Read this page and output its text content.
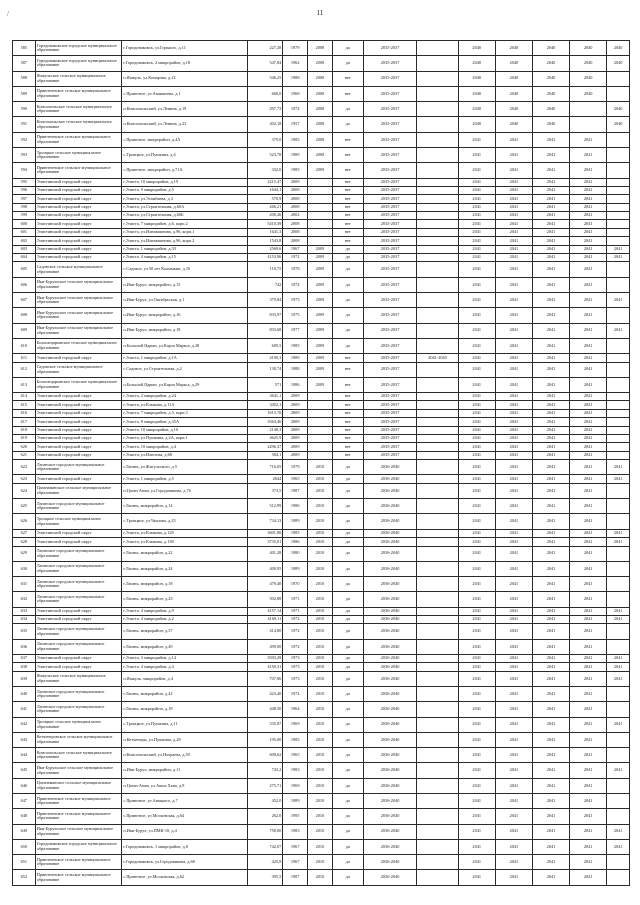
/	11
585	Городовиковское городское муниципальное образование	г.Городовиковск, ул.Горького, д.11	227,28	1979	2008	да	2035-2037		2040	2040	2040	2040	2040
587	Городовиковское городское муниципальное образование	г.Городовиковск, 2 микрорайон, д.18	547,84	1962	2008	да	2035-2037		2040	2040	2040	2040	2040
588	Яшкульское сельское муниципальное образование	п.Яшкуль, ул.Комарова, д.12	546,25	1988	2008	нет	2035-2037		2040	2040	2040	2040	
589	Приютненское сельское муниципальное образование	с.Приютное, ул.Апакшеева, д.1	660,0	1968	2008	нет	2035-2037		2040	2040	2040	2040	
590	Комсомольское сельское муниципальное образование	п.Комсомольский, ул.Ленина, д.19	297,73	1974	2008	да	2035-2037		2040	2040	2040		2040
591	Комсомольское сельское муниципальное образование	п.Комсомольский, ул.Ленина, д.23	402,18	1957	2008	да	2035-2037		2040	2040	2040		2040
592	Приютненское сельское муниципальное образование	с.Приютное, микрорайон, д.4А	379,0	1985	2008	нет	2035-2037		2041	2041	2041	2041	
593	Троицкое сельское муниципальное образование	с.Троицкое, ул.Пушкина, д.4	523,78	1989	2008	нет	2035-2037		2041	2041	2041	2041	
594	Приютненское сельское муниципальное образование	с.Приютное, микрорайон, д.71А	332,0	1985	2009	нет	2035-2037		2041	2041	2041	2041	
595	Элистинский городской округ	г.Элиста, 10 микрорайон, д.19	2215,47	2009		нет	2035-2037		2041	2041	2041	2041	
596	Элистинский городской округ	г.Элиста, 9 микрорайон, д.5	1644,1	2008		нет	2035-2037		2041	2041	2041	2041	
597	Элистинский городской округ	г.Элиста, ул.Эсамбаева, д.3	570,9	2008		нет	2035-2037		2041	2041	2041	2041	
598	Элистинский городской округ	г.Элиста, ул.Строительная, д.60А	266,21	2008		нет	2035-2037		2041	2041	2041	2041	
599	Элистинский городской округ	г.Элиста, ул.Строительная, д.60Б	208,46	2002		нет	2035-2037		2041	2041	2041	2041	
600	Элистинский городской округ	г.Элиста, 7 микрорайон, д.6, корп.2	5410,39	2008		нет	2035-2037		2041	2041	2041	2041	
601	Элистинский городской округ	г.Элиста, ул.Илюмжинова, д.96, корп.1	1641,3	2008		нет	2035-2037		2041	2041	2041	2041	
602	Элистинский городской округ	г.Элиста, ул.Илюмжинова, д.96, корп.2	1543,8	2008		нет	2035-2037		2041	2041	2041	2041	
603	Элистинский городской округ	г.Элиста, 1 микрорайон, д.33	2569,6	1967	2009	да	2035-2037		2041	2041	2041	2041	2041
604	Элистинский городской округ	г.Элиста, 4 микрорайон, д.15	4153,96	1972	2009	да	2035-2037		2041	2041	2041	2041	2041
605	Садовское сельское муниципальное образование	с.Садовое, ул.50 лет Калмыкии, д.16	116,75	1978	2009	да	2035-2037		2041	2041	2041	2041	
606	Ики-Бурульское сельское муниципальное образование	п.Ики-Бурул, микрорайон, д.15	742	1974	2009	да	2035-2037		2041	2041	2041	2041	
607	Ики-Бурульское сельское муниципальное образование	п.Ики-Бурул, ул.Октябрьская, д.1	379,84	1975	2009	да	2035-2037		2041	2041	2041	2041	2041
608	Ики-Бурульское сельское муниципальное образование	п.Ики-Бурул, микрорайон, д.16	833,97	1975	2009	да	2035-2037		2041	2041	2041	2041	
609	Ики-Бурульское сельское муниципальное образование	п.Ики-Бурул, микрорайон, д.18	833,68	1977	2009	да	2035-2037		2041	2041	2041	2041	2041
610	Большецарынское сельское муниципальное образование	п.Большой Царын, ул.Карла Маркса, д.28	609,5	1985	2009	да	2035-2037		2041	2041	2041	2041	
611	Элистинский городской округ	г.Элиста, 1 микрорайон, д.1А	4190,3	1989	2009	нет	2035-2037	2041-2045	2041	2041	2041	2041	
612	Садовское сельское муниципальное образование	с.Садовое, ул.Строительная, д.2	130,74	1988	2009	нет	2035-2037		2041	2041	2041	2041	
613	Большецарынское сельское муниципальное образование	п.Большой Царын, ул.Карла Маркса, д.29	571	1986	2009	нет	2035-2037		2041	2041	2041	2041	
614	Элистинский городской округ	г.Элиста, 2 микрорайон, д.24	3641,1	2009		нет	2035-2037		2041	2041	2041	2041	
615	Элистинский городской округ	г.Элиста, ул.Клыкова, д.11А	3452,1	2009		нет	2035-2037		2041	2041	2041	2041	
616	Элистинский городской округ	г.Элиста, 7 микрорайон, д.5, корп.3	1613,76	2009		нет	2035-2037		2041	2041	2041	2041	
617	Элистинский городской округ	г.Элиста, 8 микрорайон, д.35А	3564,46	2009		нет	2035-2037		2041	2041	2041	2041	
618	Элистинский городской округ	г.Элиста, 10 микрорайон, д.16	2148,3	2009		нет	2035-2037		2041	2041	2041	2041	
619	Элистинский городской округ	г.Элиста, ул.Пушкина, д.2А, корп.1	4625,9	2009		нет	2035-2037		2041	2041	2041	2041	
620	Элистинский городской округ	г.Элиста, 10 микрорайон, д.4	2296,37	2009		нет	2035-2037		2041	2041	2041	2041	
621	Элистинский городской округ	г.Элиста, ул.Илютова, д.68	584,1	2009		нет	2035-2037		2041	2041	2041	2041	
622	Лаганское городское муниципальное образование	г.Лагань, ул.Жигульского, д.5	716,05	1979	2010	да	2036-2040		2041	2041	2041	2041	2041
623	Элистинский городской округ	г.Элиста, 1 микрорайон, д.5	2644	1965	2010	да	2036-2040		2041	2041	2041	2041	2041
624	Цаганаманское сельское муниципальное образование	п.Цаган Аман, ул.Городовикова, д.76	373,5	1987	2010	да	2036-2040		2041	2041	2041	2041	
625	Лаганское городское муниципальное образование	г.Лагань, микрорайон, д.14	512,99	1986	2010	да	2036-2040		2041	2041	2041	2041	
626	Троицкое сельское муниципальное образование	с.Троицкое, ул.Чкалова, д.25	734,13	1989	2010	да	2036-2040		2041	2041	2041	2041	
627	Элистинский городской округ	г.Элиста, ул.Клыкова, д.128	3601,86	1985	2010	да	2036-2040		2041	2041	2041	2041	2041
628	Элистинский городской округ	г.Элиста, ул.Клыкова, д.138	3735,01	1986	2010	да	2036-2040		2041	2041	2041	2041	2041
629	Лаганское городское муниципальное образование	г.Лагань, микрорайон, д.22	401,28	1980	2010	да	2036-2040		2041	2041	2041	2041	
630	Лаганское городское муниципальное образование	г.Лагань, микрорайон, д.24	400,95	1989	2010	да	2036-2040		2041	2041	2041	2041	
631	Лаганское городское муниципальное образование	г.Лагань, микрорайон, д.18	479,40	1970	2010	да	2036-2040		2041	2041	2041	2041	
632	Лаганское городское муниципальное образование	г.Лагань, микрорайон, д.23	502,88	1971	2010	да	2036-2040		2041	2041	2041	2041	
633	Элистинский городской округ	г.Элиста, 4 микрорайон, д.9	4157,14	1971	2010	да	2036-2040		2041	2041	2041	2041	2041
634	Элистинский городской округ	г.Элиста, 4 микрорайон, д.2	4169,11	1972	2010	да	2036-2040		2041	2041	2041	2041	2041
635	Лаганское городское муниципальное образование	г.Лагань, микрорайон, д.37	414,80	1972	2010	да	2036-2040		2041	2041	2041	2041	
636	Лаганское городское муниципальное образование	г.Лагань, микрорайон, д.49	499,00	1972	2010	да	2036-2040		2041	2041	2041	2041	
637	Элистинский городской округ	г.Элиста, 3 микрорайон, д.14	3593,29	1973	2010	да	2036-2040		2041	2041	2041	2041	2041
638	Элистинский городской округ	г.Элиста, 4 микрорайон, д.4	4150,31	1973	2010	да	2036-2040		2041	2041	2041	2041	2041
639	Яшкульское сельское муниципальное образование	п.Яшкуль, микрорайон, д.4	707,86	1973	2010	да	2036-2040		2041	2041	2041	2041	2041
640	Лаганское городское муниципальное образование	г.Лагань, микрорайон, д.42	423,40	1974	2010	да	2036-2040		2041	2041	2041	2041	
641	Лаганское городское муниципальное образование	г.Лагань, микрорайон, д.18	448,50	1964	2010	да	2036-2040		2041	2041	2041	2041	
642	Троицкое сельское муниципальное образование	с.Троицкое, ул.Пушкина, д.11	535,87	1969	2010	да	2036-2040		2041	2041	2041	2041	2041
643	Кетченеровское сельское муниципальное образование	п.Кетченеры, ул.Пушкина, д.28	195,00	1985	2010	да	2036-2040		2041	2041	2041	2041	
644	Комсомольское сельское муниципальное образование	п.Комсомольский, ул.Нохраева, д.59	608,62	1965	2010	да	2036-2040		2041	2041	2041	2041	
645	Ики-Бурульское сельское муниципальное образование	п.Ики-Бурул, микрорайон, д.11	743,2	1983	2010	да	2036-2040		2041	2041	2041	2041	2041
646	Цаганаманское сельское муниципальное образование	п.Цаган Аман, ул.Акша Хана, д.8	275,71	1969	2010	да	2036-2040		2041	2041	2041	2041	
647	Приютненское сельское муниципальное образование	с.Приютное, ул.Анацкого, д.7	452,0	1989	2010	да	2036-2040		2041	2041	2041	2041	
648	Приютненское сельское муниципальное образование	с.Приютное, ул.Московская, д.64	262,0	1995	2010	да	2036-2040		2041	2041	2041	2041	
649	Ики-Бурульское сельское муниципальное образование	п.Ики-Бурул, ул.ПМК-10, д.4	758,00	1983	2010	да	2036-2040		2041	2041	2041	2041	2041
650	Городовиковское городское муниципальное образование	г.Городовиковск, 1 микрорайон, д.8	742,07	1967	2010	да	2036-2040		2041	2041	2041	2041	2041
651	Приютненское сельское муниципальное образование	г.Городовиковск, ул.Городовикова, д.68	425,8	1967	2010	да	2036-2040		2041	2041	2041	2041	
652	Приютненское сельское муниципальное образование	с.Приютное, ул.Московская, д.62	395,5	1987	2010	да	2036-2040		2041	2041	2041	2041	
